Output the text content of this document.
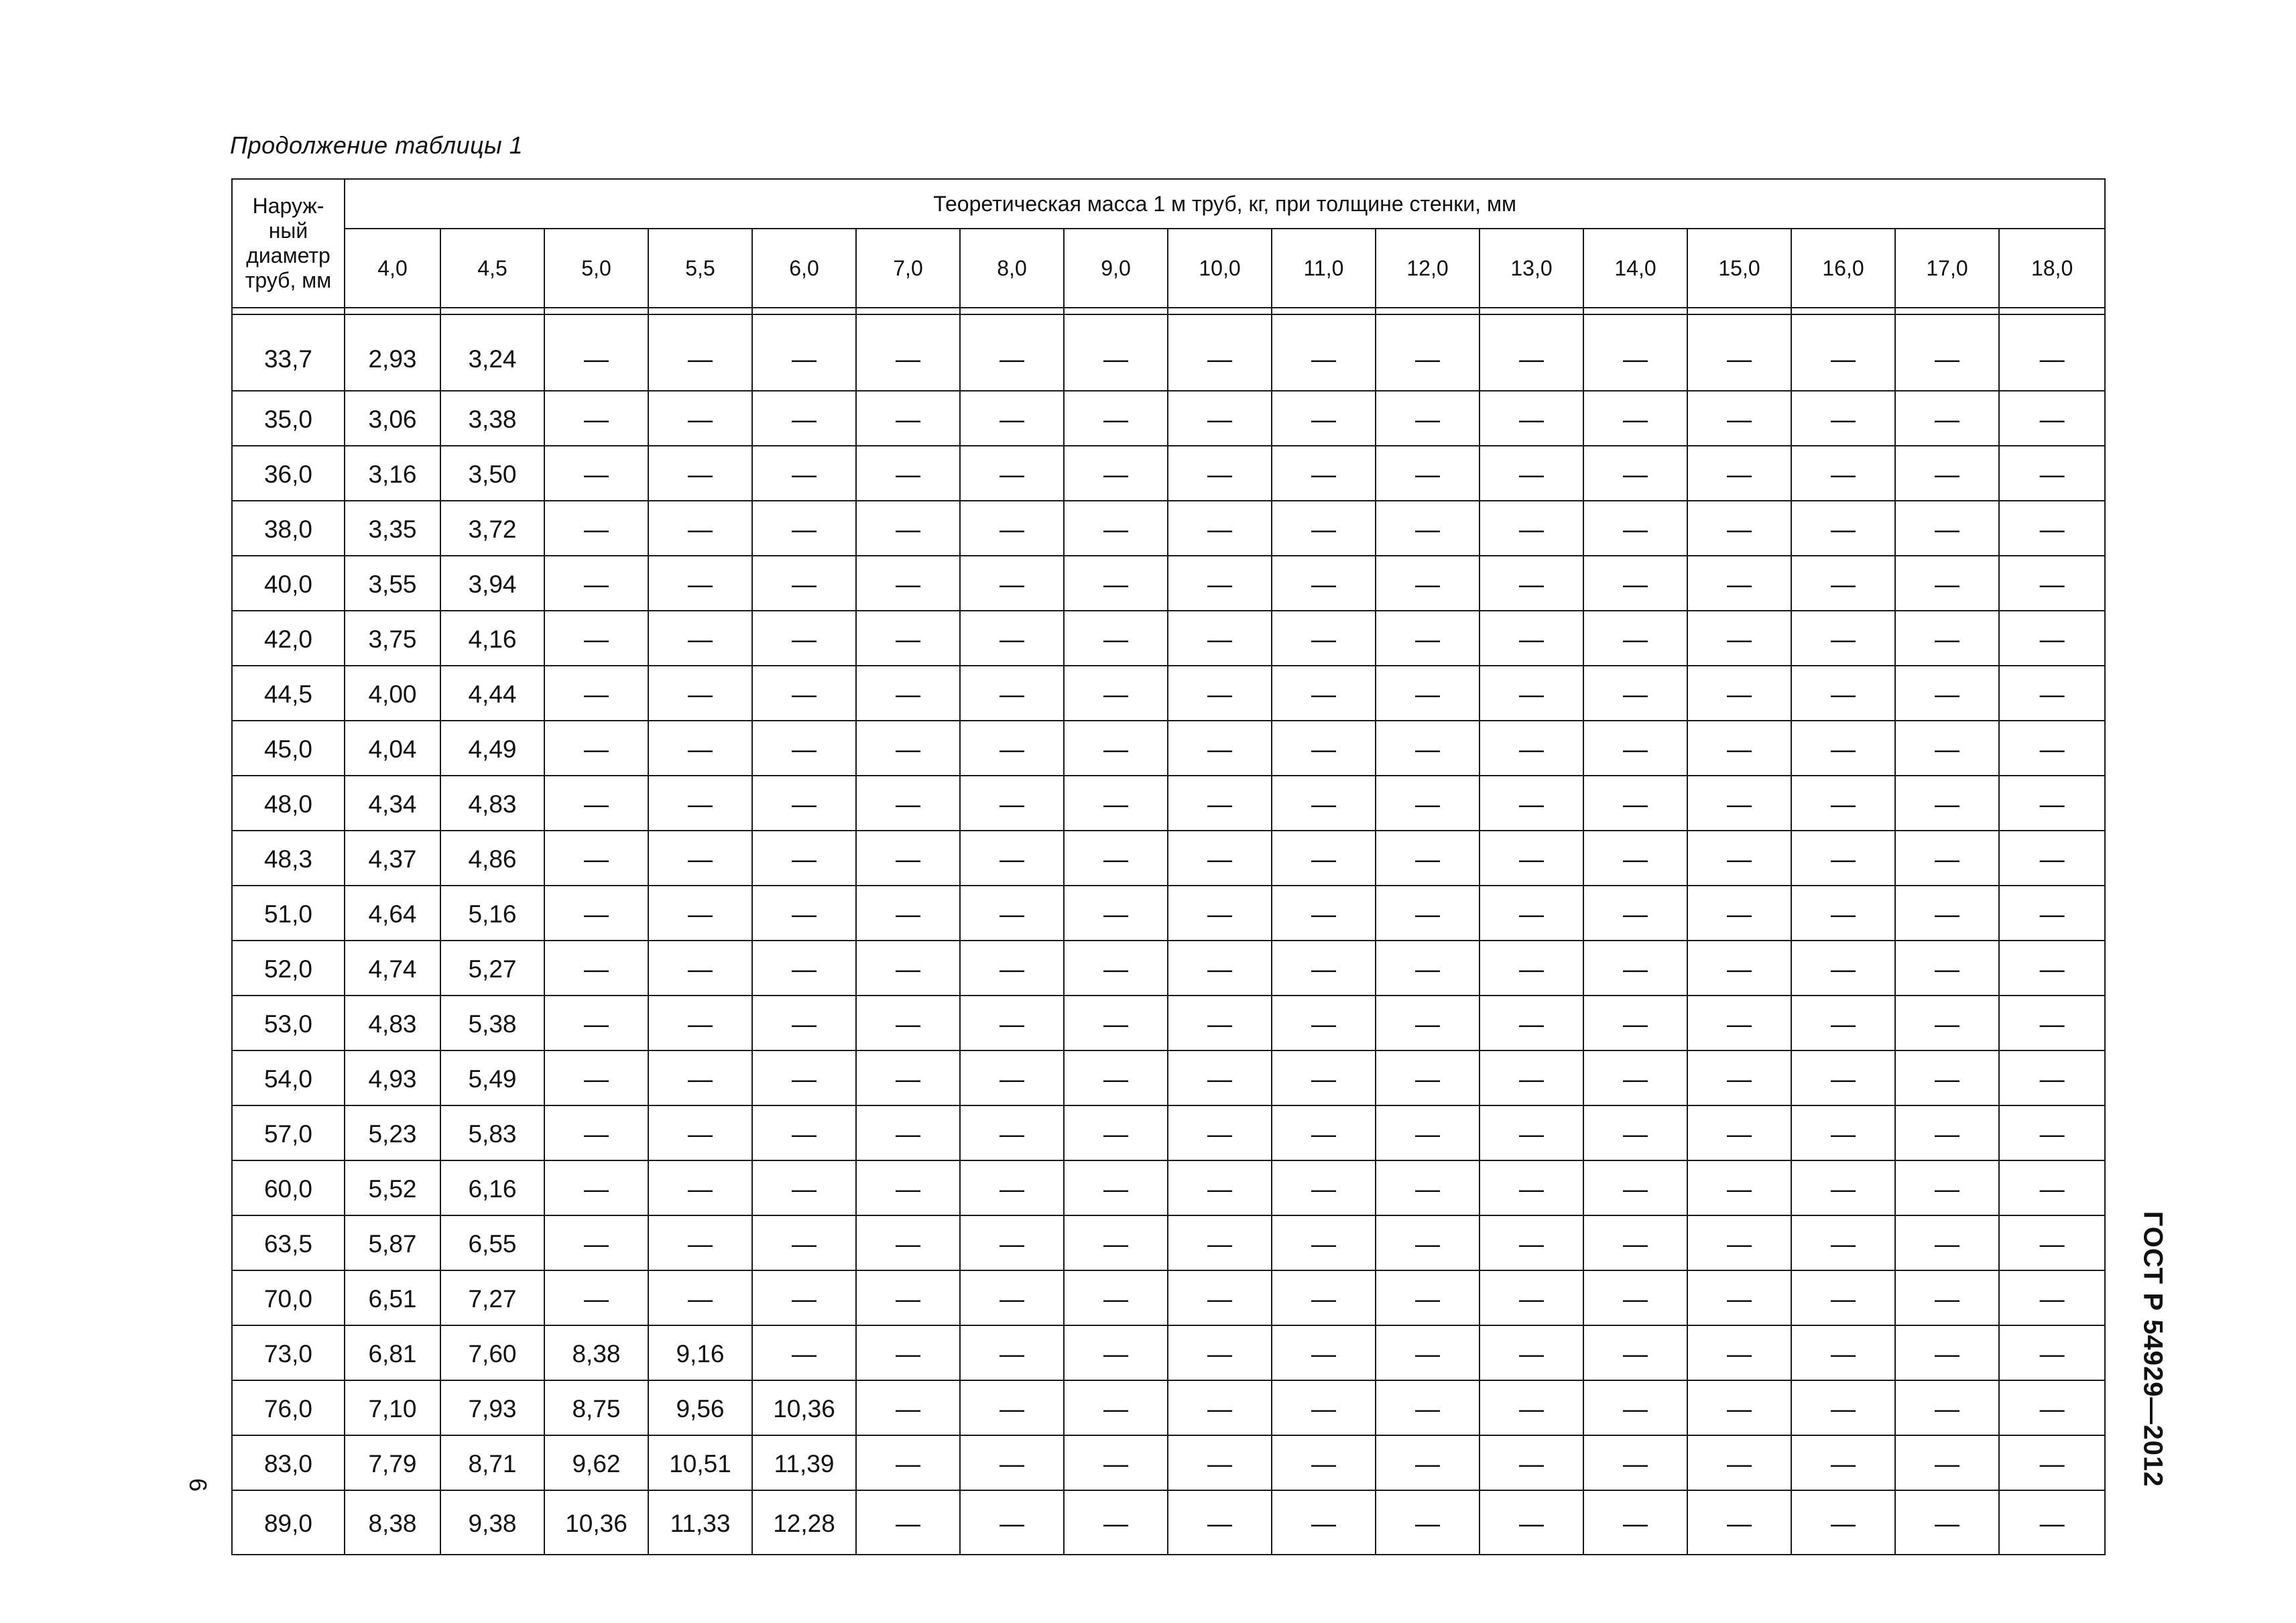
Продолжение таблицы 1
Наруж-
ный
диаметр
труб, мм	Теоретическая масса 1 м труб, кг, при толщине стенки, мм																
	4,0	4,5	5,0	5,5	6,0	7,0	8,0	9,0	10,0	11,0	12,0	13,0	14,0	15,0	16,0	17,0	18,0

33,7	2,93	3,24	—	—	—	—	—	—	—	—	—	—	—	—	—	—	—
35,0	3,06	3,38	—	—	—	—	—	—	—	—	—	—	—	—	—	—	—
36,0	3,16	3,50	—	—	—	—	—	—	—	—	—	—	—	—	—	—	—
38,0	3,35	3,72	—	—	—	—	—	—	—	—	—	—	—	—	—	—	—
40,0	3,55	3,94	—	—	—	—	—	—	—	—	—	—	—	—	—	—	—
42,0	3,75	4,16	—	—	—	—	—	—	—	—	—	—	—	—	—	—	—
44,5	4,00	4,44	—	—	—	—	—	—	—	—	—	—	—	—	—	—	—
45,0	4,04	4,49	—	—	—	—	—	—	—	—	—	—	—	—	—	—	—
48,0	4,34	4,83	—	—	—	—	—	—	—	—	—	—	—	—	—	—	—
48,3	4,37	4,86	—	—	—	—	—	—	—	—	—	—	—	—	—	—	—
51,0	4,64	5,16	—	—	—	—	—	—	—	—	—	—	—	—	—	—	—
52,0	4,74	5,27	—	—	—	—	—	—	—	—	—	—	—	—	—	—	—
53,0	4,83	5,38	—	—	—	—	—	—	—	—	—	—	—	—	—	—	—
54,0	4,93	5,49	—	—	—	—	—	—	—	—	—	—	—	—	—	—	—
57,0	5,23	5,83	—	—	—	—	—	—	—	—	—	—	—	—	—	—	—
60,0	5,52	6,16	—	—	—	—	—	—	—	—	—	—	—	—	—	—	—
63,5	5,87	6,55	—	—	—	—	—	—	—	—	—	—	—	—	—	—	—
70,0	6,51	7,27	—	—	—	—	—	—	—	—	—	—	—	—	—	—	—
73,0	6,81	7,60	8,38	9,16	—	—	—	—	—	—	—	—	—	—	—	—	—
76,0	7,10	7,93	8,75	9,56	10,36	—	—	—	—	—	—	—	—	—	—	—	—
83,0	7,79	8,71	9,62	10,51	11,39	—	—	—	—	—	—	—	—	—	—	—	—
89,0	8,38	9,38	10,36	11,33	12,28	—	—	—	—	—	—	—	—	—	—	—	—
ГОСТ Р 54929—2012
6
